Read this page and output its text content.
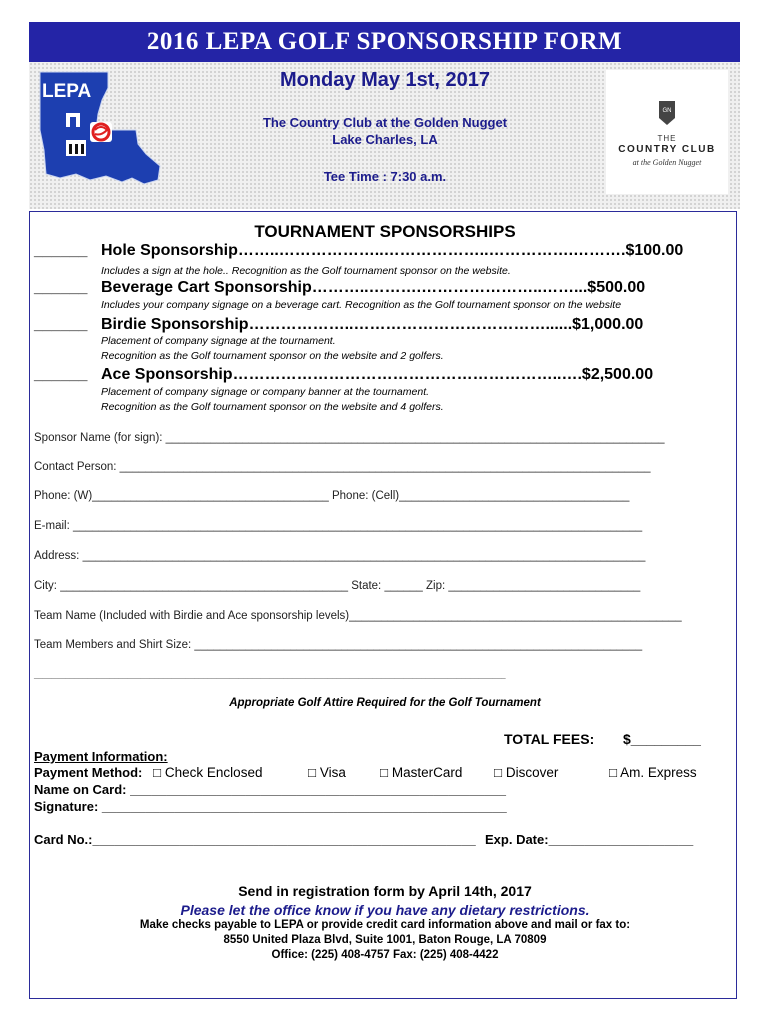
2016 LEPA GOLF SPONSORSHIP FORM
LEPA
GN
THE
COUNTRY CLUB
at the Golden Nugget
Monday May 1st, 2017
The Country Club at the Golden Nugget
Lake Charles, LA
Tee Time : 7:30 a.m.
TOURNAMENT SPONSORSHIPS
______ Hole Sponsorship……..………………..………………..…………….……….$100.00
Includes a sign at the hole.. Recognition as the Golf tournament sponsor on the website.
______ Beverage Cart Sponsorship………..……….…………………..……...$500.00
Includes your company signage on a beverage cart. Recognition as the Golf tournament sponsor on the website
______ Birdie Sponsorship………………..………………………………......$1,000.00
Placement of company signage at the tournament.
Recognition as the Golf tournament sponsor on the website and 2 golfers.
______ Ace Sponsorship……………………………………………………..….$2,500.00
Placement of company signage or company banner at the tournament.
Recognition as the Golf tournament sponsor on the website and 4 golfers.
Sponsor Name (for sign): ______________________________________________________________________________
Contact Person: ___________________________________________________________________________________
Phone: (W)_____________________________________ Phone: (Cell)____________________________________
E-mail: _________________________________________________________________________________________
Address: ________________________________________________________________________________________
City: _____________________________________________ State: ______ Zip: ______________________________
Team Name (Included with Birdie and Ace sponsorship levels)____________________________________________________
Team Members and Shirt Size: ______________________________________________________________________
__________________________________________________________________________________________________________
Appropriate Golf Attire Required for the Golf Tournament
TOTAL FEES: $_________
Payment Information:
Payment Method: □ Check Enclosed	□ Visa	□ MasterCard □ Discover	□ Am. Express
Name on Card: ____________________________________________________
Signature: ________________________________________________________
Card No.:_____________________________________________________ Exp. Date:____________________
Send in registration form by April 14th, 2017
Please let the office know if you have any dietary restrictions.
Make checks payable to LEPA or provide credit card information above and mail or fax to:
8550 United Plaza Blvd, Suite 1001, Baton Rouge, LA 70809
Office: (225) 408-4757 Fax: (225) 408-4422
